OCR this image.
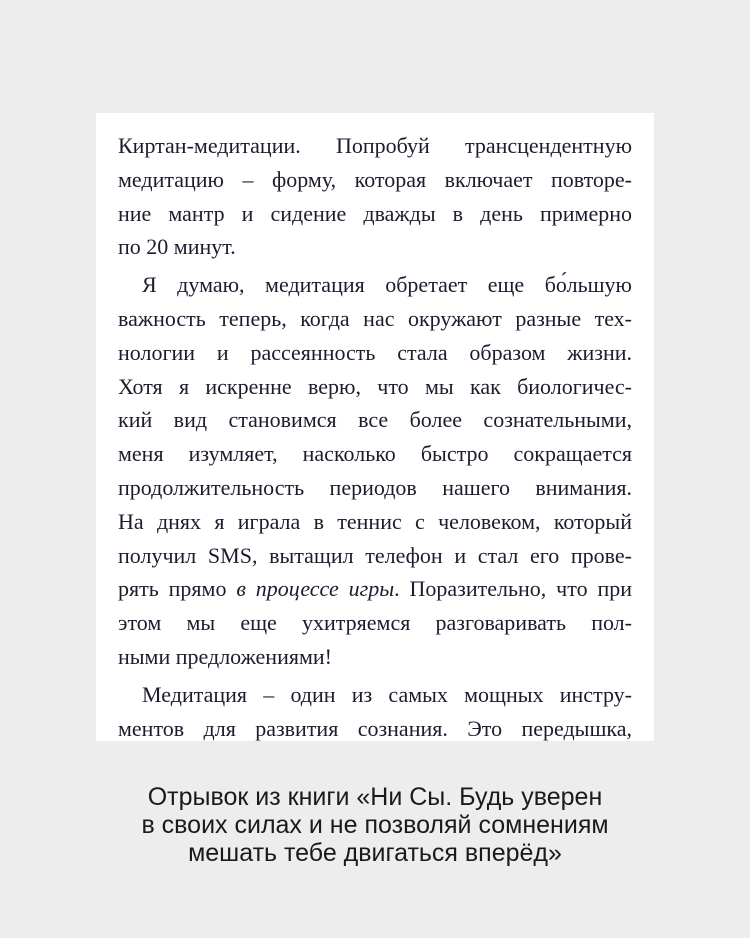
Киртан-медитации. Попробуй трансцендентную
медитацию – форму, которая включает повторе-
ние мантр и сидение дважды в день примерно
по 20 минут.
Я думаю, медитация обретает еще бо́льшую
важность теперь, когда нас окружают разные тех-
нологии и рассеянность стала образом жизни.
Хотя я искренне верю, что мы как биологичес-
кий вид становимся все более сознательными,
меня изумляет, насколько быстро сокращается
продолжительность периодов нашего внимания.
На днях я играла в теннис с человеком, который
получил SMS, вытащил телефон и стал его прове-
рять прямо в процессе игры. Поразительно, что при
этом мы еще ухитряемся разговаривать пол-
ными предложениями!
Медитация – один из самых мощных инстру-
ментов для развития сознания. Это передышка,
Отрывок из книги «Ни Сы. Будь уверен
в своих силах и не позволяй сомнениям
мешать тебе двигаться вперёд»
